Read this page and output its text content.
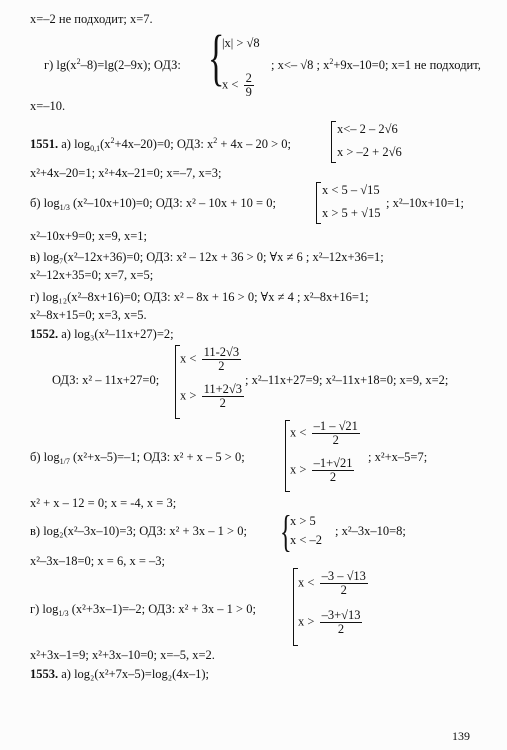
x=–2 не подходит; x=7.
г) $\lg(x^2-8)=\lg(2-9x)$; ОДЗ: {
|x| > √8
$x < \frac{2}{9}$
; x<– √8 ; $x^2+9x-10=0$; x=1 не подходит,
x=–10.
1551. а) $\log_{0,1}(x^2+4x-20)=0$; ОДЗ: $x^2 + 4x - 20 > 0$;
x<– 2 – 2√6
x > –2 + 2√6
x²+4x–20=1; x²+4x–21=0; x=–7, x=3;
б) $\log_{1/3} (x^2-10x+10)=0$; ОДЗ: x² – 10x + 10 = 0;
x < 5 – √15
x > 5 + √15
; x²–10x+10=1;
x²–10x+9=0; x=9, x=1;
в) log₇(x²–12x+36)=0; ОДЗ: x² – 12x + 36 > 0; ∀x ≠ 6 ; x²–12x+36=1;
x²–12x+35=0; x=7, x=5;
г) log₁₂(x²–8x+16)=0; ОДЗ: x² – 8x + 16 > 0; ∀x ≠ 4 ; x²–8x+16=1;
x²–8x+15=0; x=3, x=5.
1552. а) log₃(x²–11x+27)=2;
ОДЗ: x² – 11x+27=0;
$x < \frac{11-2√3}{2}$
$x > \frac{11+2√3}{2}$
; x²–11x+27=9; x²–11x+18=0; x=9, x=2;
б) $\log_{1/7} (x^2+x-5)=-1$; ОДЗ: x² + x – 5 > 0;
$x < \frac{-1 - √21}{2}$
$x > \frac{-1+√21}{2}$ ; x²+x–5=7;
x² + x – 12 = 0; x = -4, x = 3;
в) log₂(x²–3x–10)=3; ОДЗ: x² + 3x – 1 > 0; {
x > 5
x < –2
; x²–3x–10=8;
x²–3x–18=0; x = 6, x = –3;
г) $\log_{1/3} (x^2+3x-1)=-2$; ОДЗ: x² + 3x – 1 > 0;
$x < \frac{-3 - √13}{2}$
$x > \frac{-3+√13}{2}$
x²+3x–1=9; x²+3x–10=0; x=–5, x=2.
1553. а) log₂(x²+7x–5)=log₂(4x–1);
139
